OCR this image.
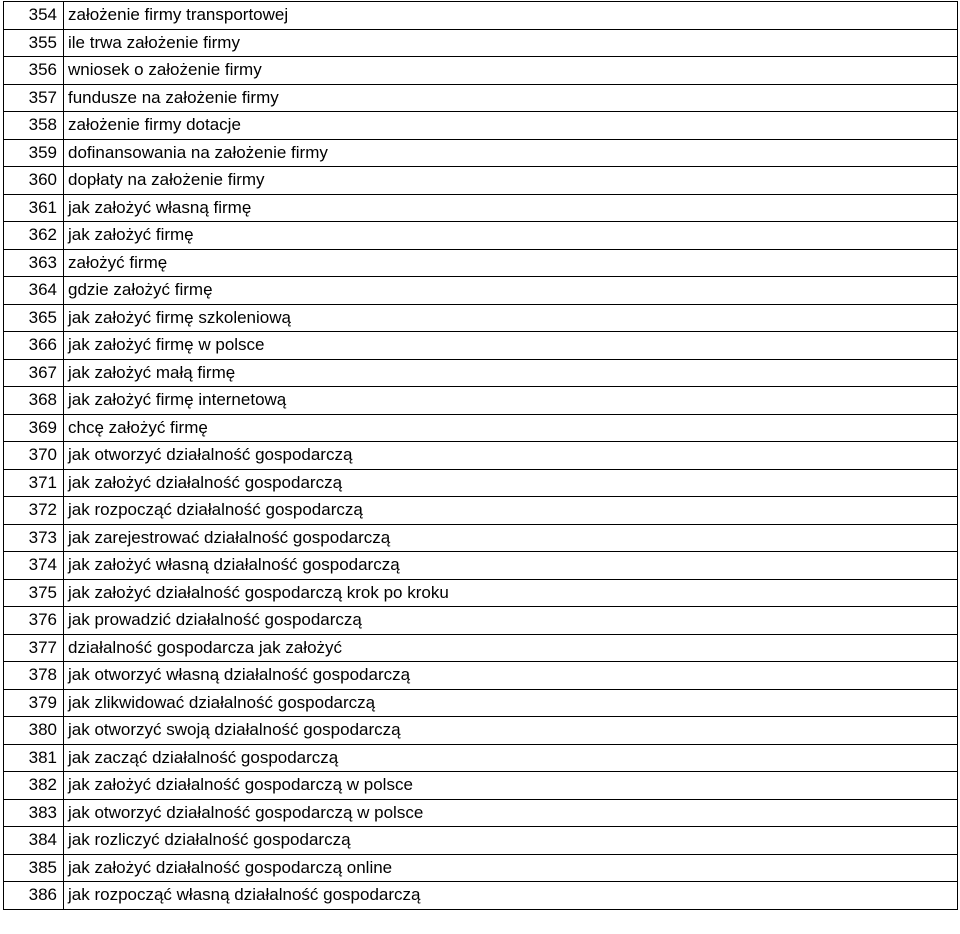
354	założenie firmy transportowej
355	ile trwa założenie firmy
356	wniosek o założenie firmy
357	fundusze na założenie firmy
358	założenie firmy dotacje
359	dofinansowania na założenie firmy
360	dopłaty na założenie firmy
361	jak założyć własną firmę
362	jak założyć firmę
363	założyć firmę
364	gdzie założyć firmę
365	jak założyć firmę szkoleniową
366	jak założyć firmę w polsce
367	jak założyć małą firmę
368	jak założyć firmę internetową
369	chcę założyć firmę
370	jak otworzyć działalność gospodarczą
371	jak założyć działalność gospodarczą
372	jak rozpocząć działalność gospodarczą
373	jak zarejestrować działalność gospodarczą
374	jak założyć własną działalność gospodarczą
375	jak założyć działalność gospodarczą krok po kroku
376	jak prowadzić działalność gospodarczą
377	działalność gospodarcza jak założyć
378	jak otworzyć własną działalność gospodarczą
379	jak zlikwidować działalność gospodarczą
380	jak otworzyć swoją działalność gospodarczą
381	jak zacząć działalność gospodarczą
382	jak założyć działalność gospodarczą w polsce
383	jak otworzyć działalność gospodarczą w polsce
384	jak rozliczyć działalność gospodarczą
385	jak założyć działalność gospodarczą online
386	jak rozpocząć własną działalność gospodarczą
